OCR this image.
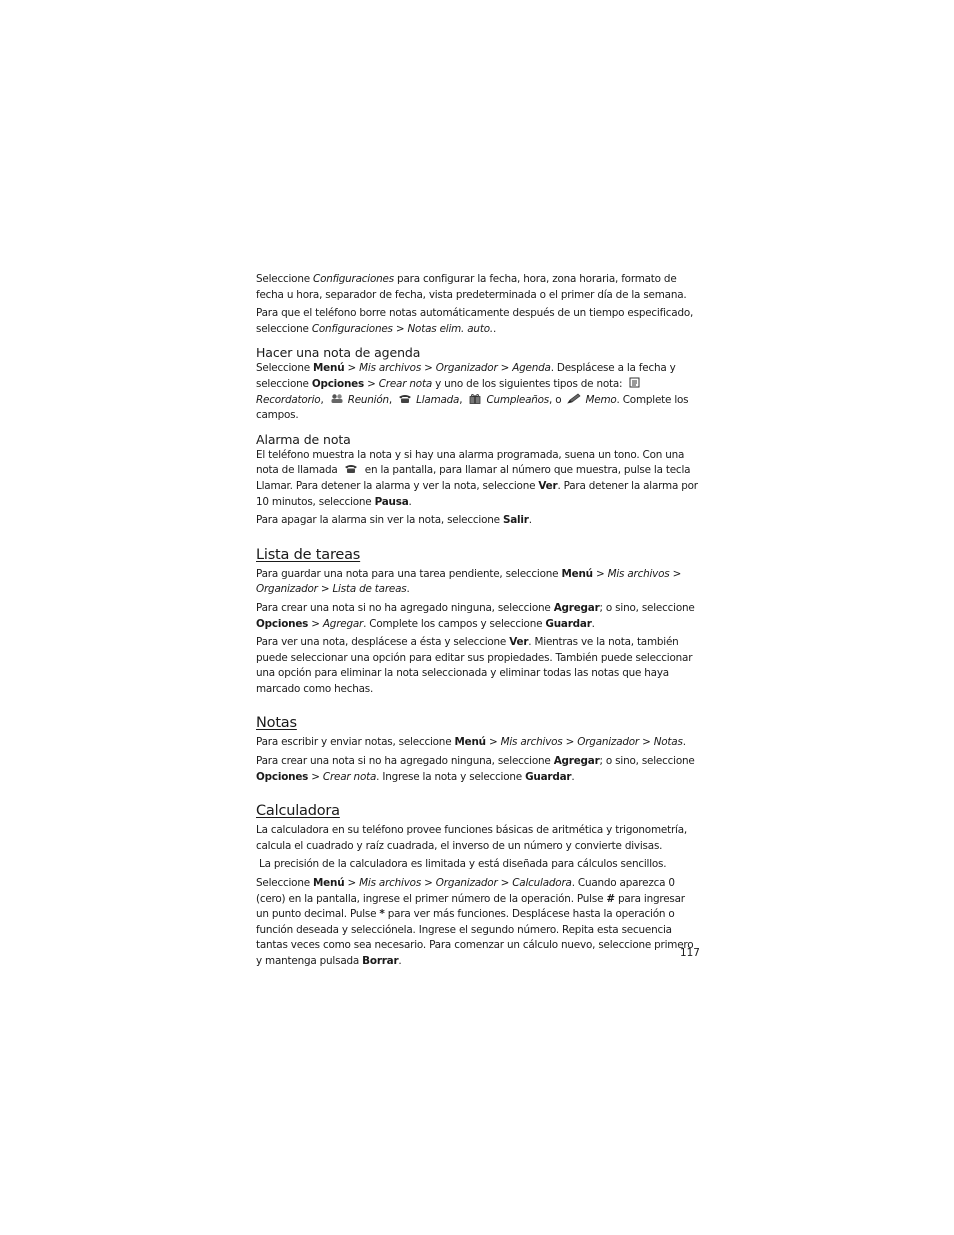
Seleccione Configuraciones para configurar la fecha, hora, zona horaria, formato de fecha u hora, separador de fecha, vista predeterminada o el primer día de la semana.

Para que el teléfono borre notas automáticamente después de un tiempo especificado, seleccione Configuraciones > Notas elim. auto..

Hacer una nota de agenda

Seleccione Menú > Mis archivos > Organizador > Agenda. Desplácese a la fecha y seleccione Opciones > Crear nota y uno de los siguientes tipos de nota:
Recordatorio,
Reunión,
Llamada,
Cumpleaños, o
Memo. Complete los campos.

Alarma de nota

El teléfono muestra la nota y si hay una alarma programada, suena un tono. Con una nota de llamada
en la pantalla, para llamar al número que muestra, pulse la tecla Llamar. Para detener la alarma y ver la nota, seleccione Ver. Para detener la alarma por 10 minutos, seleccione Pausa.

Para apagar la alarma sin ver la nota, seleccione Salir.

Lista de tareas

Para guardar una nota para una tarea pendiente, seleccione Menú > Mis archivos > Organizador > Lista de tareas.

Para crear una nota si no ha agregado ninguna, seleccione Agregar; o sino, seleccione Opciones > Agregar. Complete los campos y seleccione Guardar.

Para ver una nota, desplácese a ésta y seleccione Ver. Mientras ve la nota, también puede seleccionar una opción para editar sus propiedades. También puede seleccionar una opción para eliminar la nota seleccionada y eliminar todas las notas que haya marcado como hechas.

Notas

Para escribir y enviar notas, seleccione Menú > Mis archivos > Organizador > Notas.

Para crear una nota si no ha agregado ninguna, seleccione Agregar; o sino, seleccione Opciones > Crear nota. Ingrese la nota y seleccione Guardar.

Calculadora

La calculadora en su teléfono provee funciones básicas de aritmética y trigonometría, calcula el cuadrado y raíz cuadrada, el inverso de un número y convierte divisas.

La precisión de la calculadora es limitada y está diseñada para cálculos sencillos.

Seleccione Menú > Mis archivos > Organizador > Calculadora. Cuando aparezca 0 (cero) en la pantalla, ingrese el primer número de la operación. Pulse # para ingresar un punto decimal. Pulse * para ver más funciones. Desplácese hasta la operación o función deseada y selecciónela. Ingrese el segundo número. Repita esta secuencia tantas veces como sea necesario. Para comenzar un cálculo nuevo, seleccione primero y mantenga pulsada Borrar.

117
